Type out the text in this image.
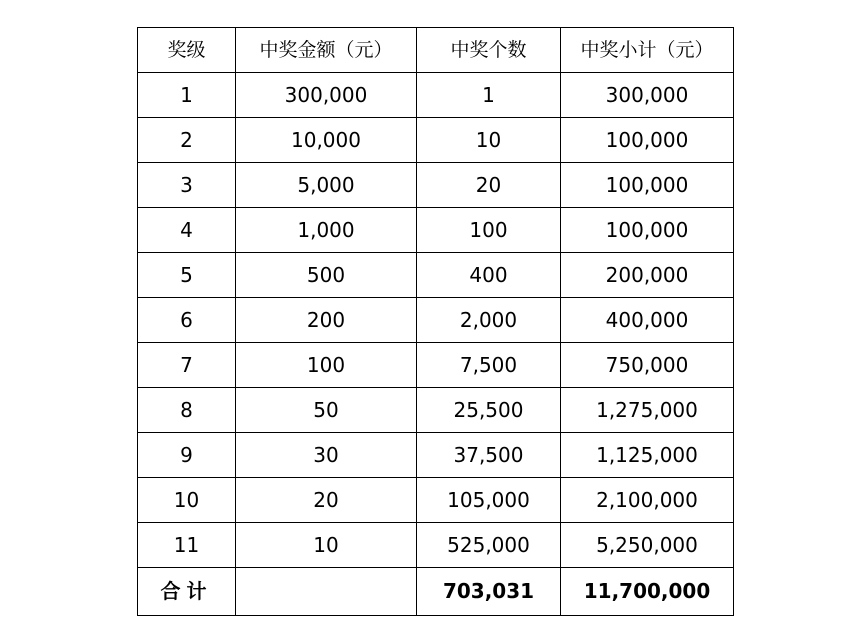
奖级	中奖金额（元）	中奖个数	中奖小计（元）
1	300,000	1	300,000
2	10,000	10	100,000
3	5,000	20	100,000
4	1,000	100	100,000
5	500	400	200,000
6	200	2,000	400,000
7	100	7,500	750,000
8	50	25,500	1,275,000
9	30	37,500	1,125,000
10	20	105,000	2,100,000
11	10	525,000	5,250,000
合计		703,031	11,700,000
